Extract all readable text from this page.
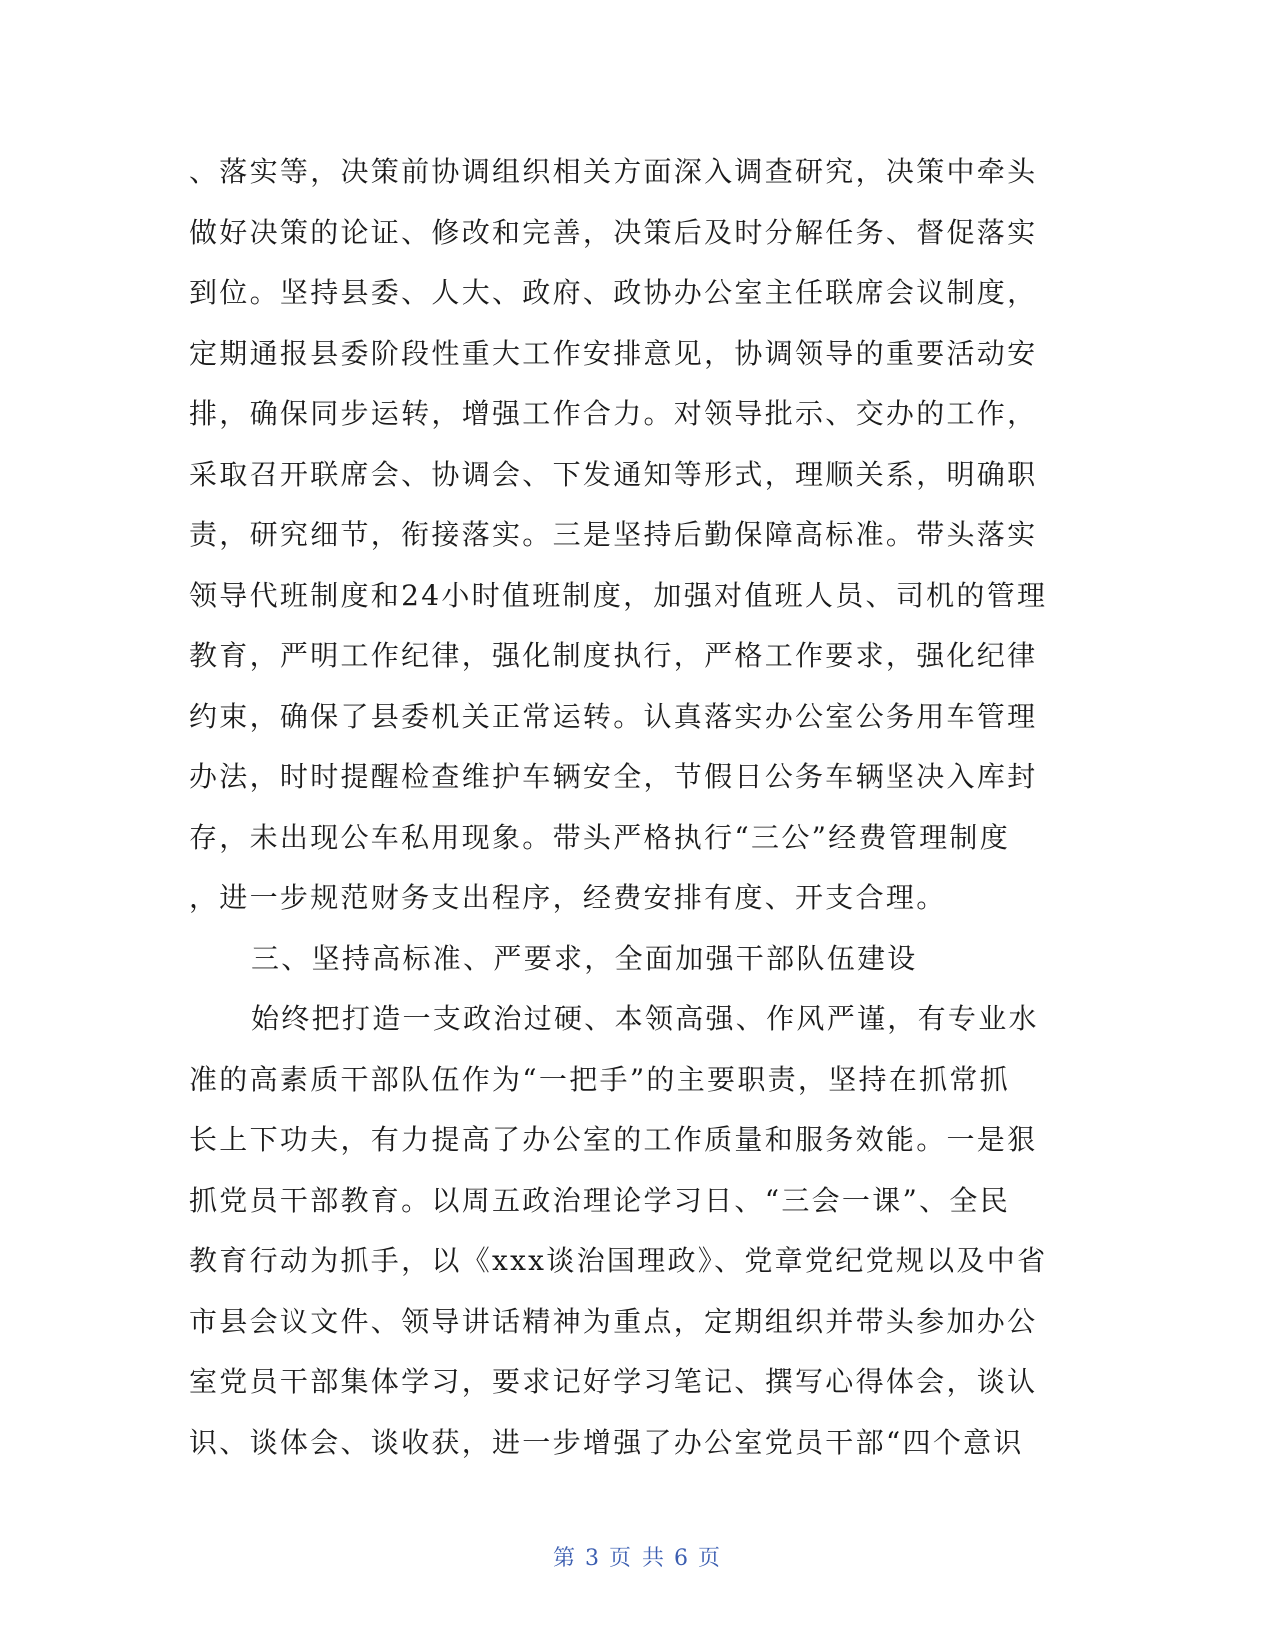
、落实等，决策前协调组织相关方面深入调查研究，决策中牵头
做好决策的论证、修改和完善，决策后及时分解任务、督促落实
到位。坚持县委、人大、政府、政协办公室主任联席会议制度，
定期通报县委阶段性重大工作安排意见，协调领导的重要活动安
排，确保同步运转，增强工作合力。对领导批示、交办的工作，
采取召开联席会、协调会、下发通知等形式，理顺关系，明确职
责，研究细节，衔接落实。三是坚持后勤保障高标准。带头落实
领导代班制度和24小时值班制度，加强对值班人员、司机的管理
教育，严明工作纪律，强化制度执行，严格工作要求，强化纪律
约束，确保了县委机关正常运转。认真落实办公室公务用车管理
办法，时时提醒检查维护车辆安全，节假日公务车辆坚决入库封
存，未出现公车私用现象。带头严格执行“三公”经费管理制度
，进一步规范财务支出程序，经费安排有度、开支合理。
三、坚持高标准、严要求，全面加强干部队伍建设
始终把打造一支政治过硬、本领高强、作风严谨，有专业水
准的高素质干部队伍作为“一把手”的主要职责，坚持在抓常抓
长上下功夫，有力提高了办公室的工作质量和服务效能。一是狠
抓党员干部教育。以周五政治理论学习日、“三会一课”、全民
教育行动为抓手，以《xxx谈治国理政》、党章党纪党规以及中省
市县会议文件、领导讲话精神为重点，定期组织并带头参加办公
室党员干部集体学习，要求记好学习笔记、撰写心得体会，谈认
识、谈体会、谈收获，进一步增强了办公室党员干部“四个意识
第 3 页 共 6 页
